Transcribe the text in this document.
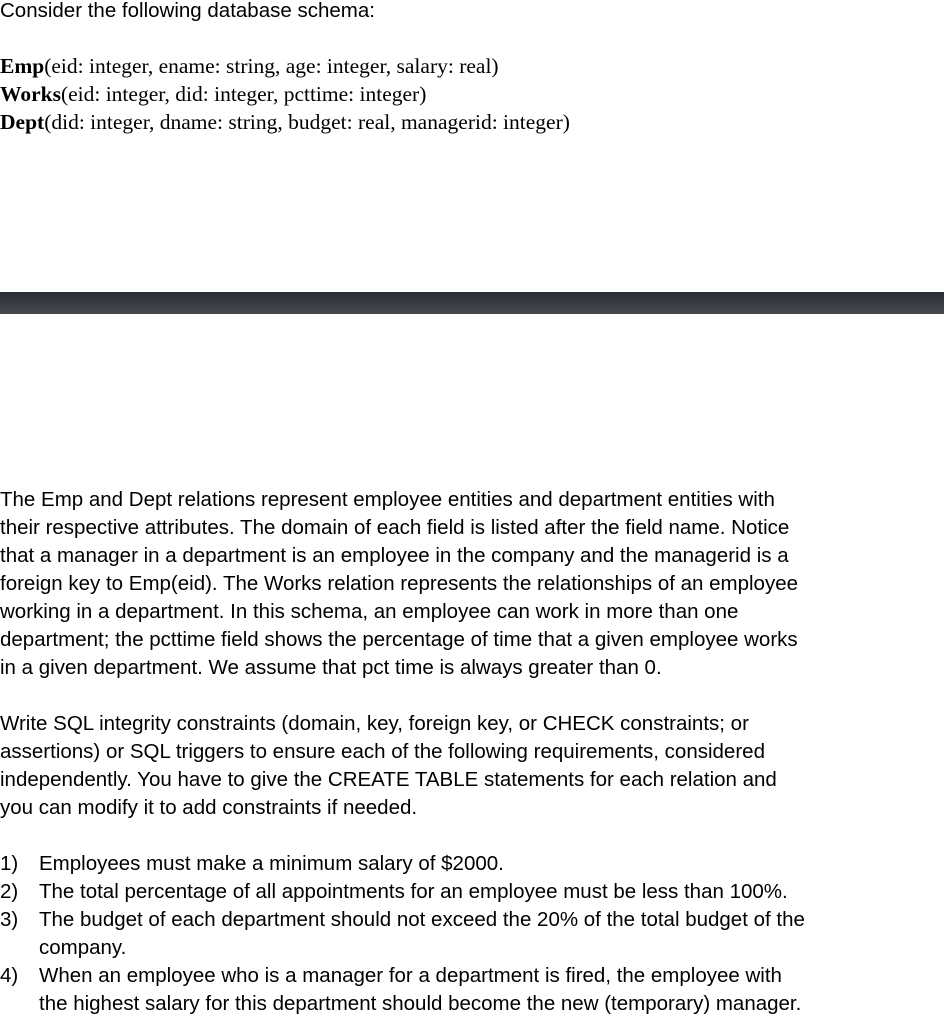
Consider the following database schema:

Emp(eid: integer, ename: string, age: integer, salary: real)
Works(eid: integer, did: integer, pcttime: integer)
Dept(did: integer, dname: string, budget: real, managerid: integer)

The Emp and Dept relations represent employee entities and department entities with
their respective attributes. The domain of each field is listed after the field name. Notice
that a manager in a department is an employee in the company and the managerid is a
foreign key to Emp(eid). The Works relation represents the relationships of an employee
working in a department. In this schema, an employee can work in more than one
department; the pcttime field shows the percentage of time that a given employee works
in a given department. We assume that pct time is always greater than 0.

Write SQL integrity constraints (domain, key, foreign key, or CHECK constraints; or
assertions) or SQL triggers to ensure each of the following requirements, considered
independently. You have to give the CREATE TABLE statements for each relation and
you can modify it to add constraints if needed.

1) Employees must make a minimum salary of $2000.
2) The total percentage of all appointments for an employee must be less than 100%.
3) The budget of each department should not exceed the 20% of the total budget of the
company.
4) When an employee who is a manager for a department is fired, the employee with
the highest salary for this department should become the new (temporary) manager.
